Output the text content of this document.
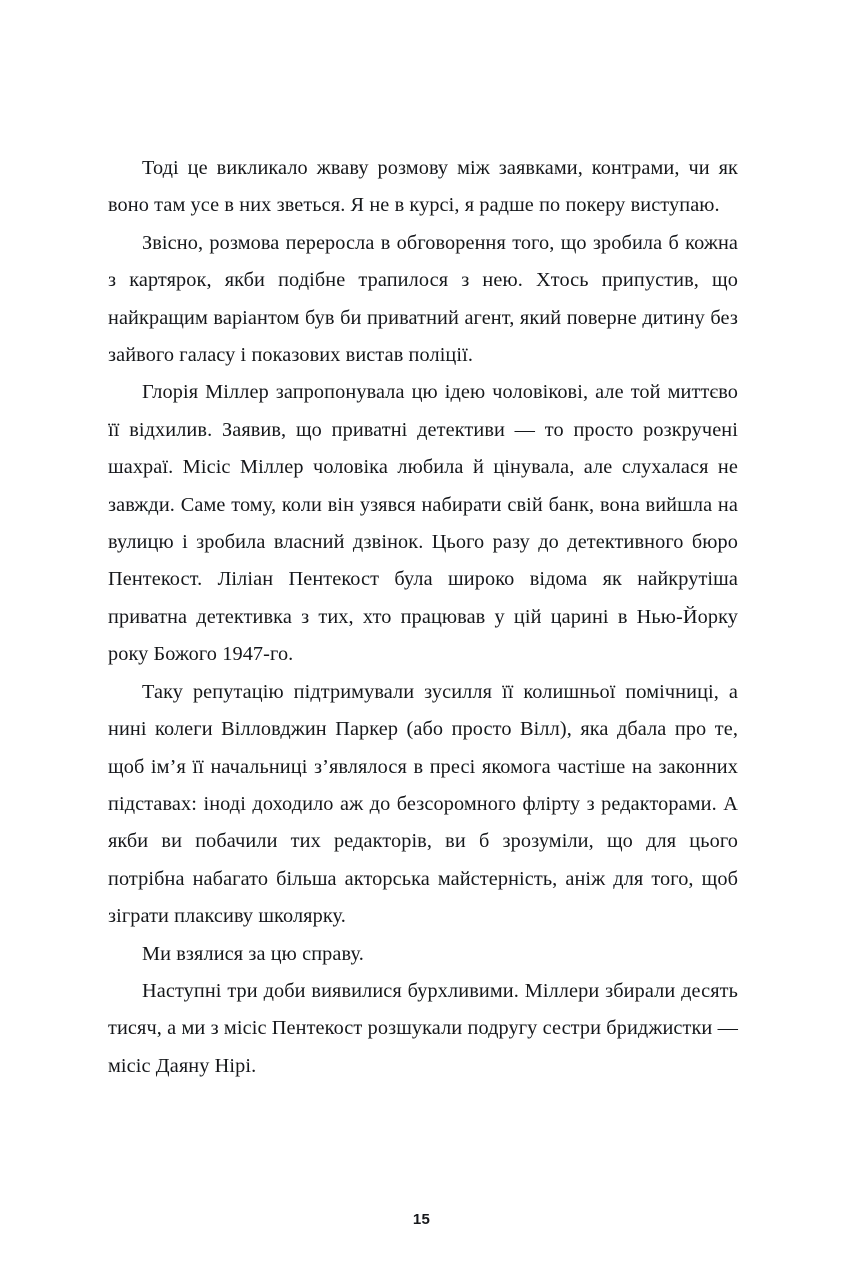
Тоді це викликало жваву розмову між заявками, контрами, чи як воно там усе в них зветься. Я не в курсі, я радше по покеру виступаю.

Звісно, розмова переросла в обговорення того, що зробила б кожна з картярок, якби подібне трапилося з нею. Хтось припустив, що найкращим варіантом був би приватний агент, який поверне дитину без зайвого галасу і показових вистав поліції.

Глорія Міллер запропонувала цю ідею чоловікові, але той миттєво її відхилив. Заявив, що приватні детективи — то просто розкручені шахраї. Місіс Міллер чоловіка любила й цінувала, але слухалася не завжди. Саме тому, коли він узявся набирати свій банк, вона вийшла на вулицю і зробила власний дзвінок. Цього разу до детективного бюро Пентекост. Ліліан Пентекост була широко відома як найкрутіша приватна детективка з тих, хто працював у цій царині в Нью-Йорку року Божого 1947-го.

Таку репутацію підтримували зусилля її колишньої помічниці, а нині колеги Вілловджин Паркер (або просто Вілл), яка дбала про те, щоб ім’я її начальниці з’являлося в пресі якомога частіше на законних підставах: іноді доходило аж до безсоромного флірту з редакторами. А якби ви побачили тих редакторів, ви б зрозуміли, що для цього потрібна набагато більша акторська майстерність, аніж для того, щоб зіграти плаксиву школярку.

Ми взялися за цю справу.

Наступні три доби виявилися бурхливими. Міллери збирали десять тисяч, а ми з місіс Пентекост розшукали подругу сестри бриджистки — місіс Даяну Нірі.

15
